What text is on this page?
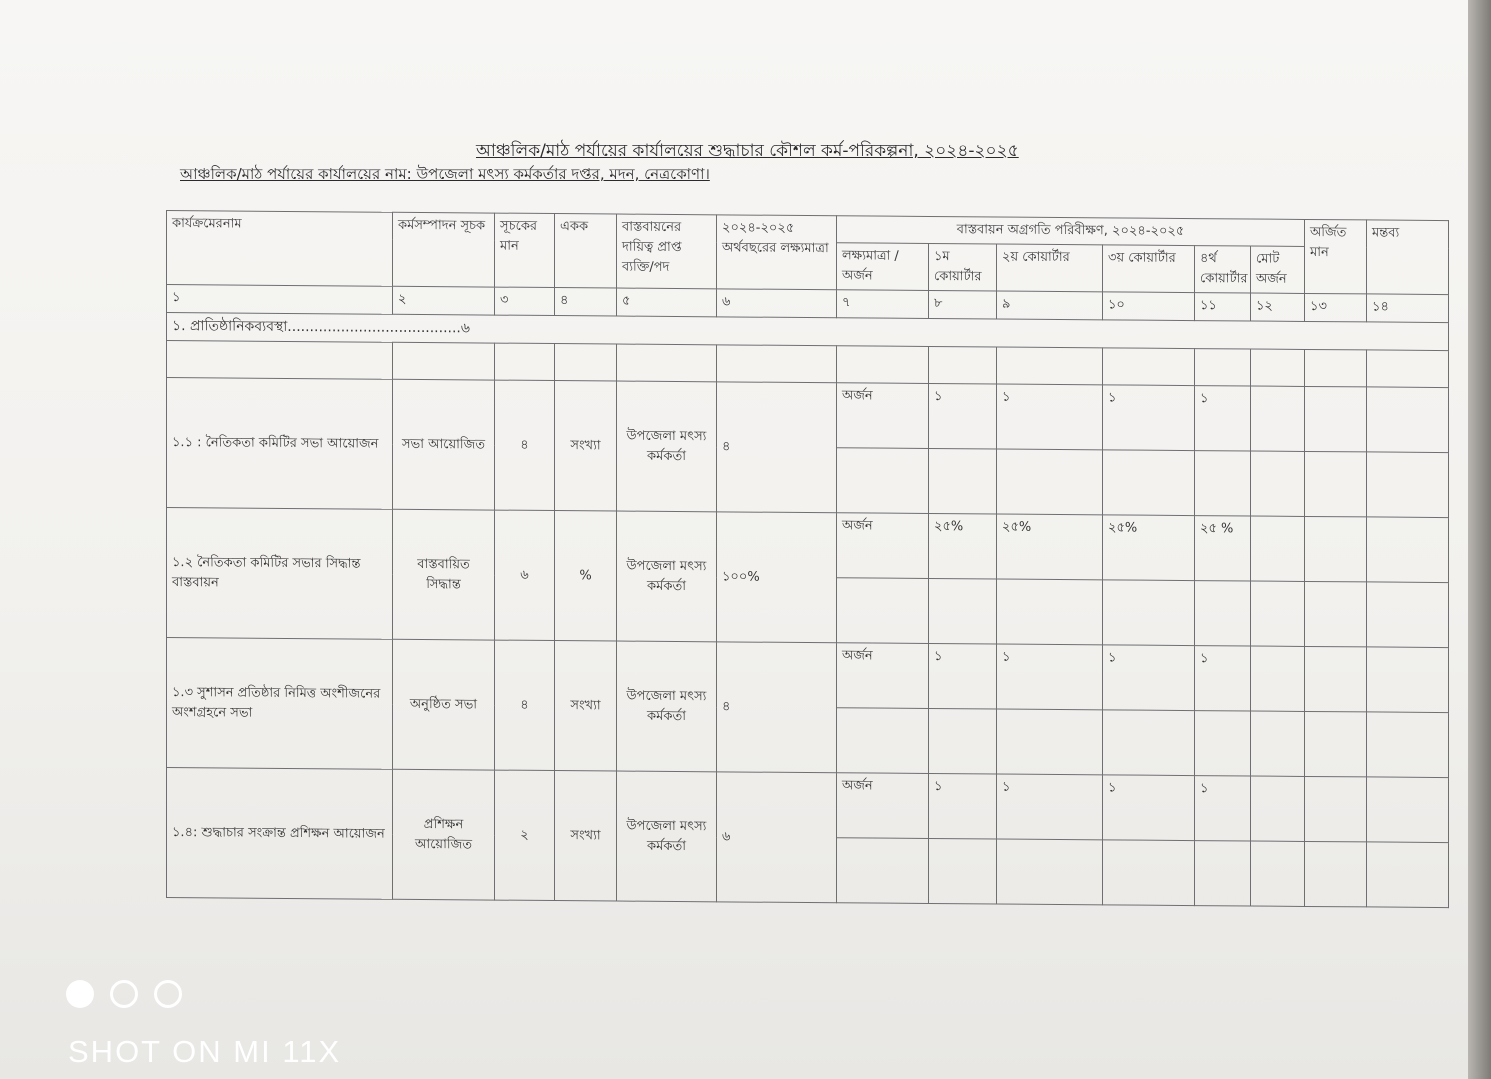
আঞ্চলিক/মাঠ পর্যায়ের কার্যালয়ের শুদ্ধাচার কৌশল কর্ম-পরিকল্পনা, ২০২৪-২০২৫
আঞ্চলিক/মাঠ পর্যায়ের কার্যালয়ের নাম: উপজেলা মৎস্য কর্মকর্তার দপ্তর, মদন, নেত্রকোণা।
কার্যক্রমেরনাম	কর্মসম্পাদন সূচক	সূচকের মান	একক	বাস্তবায়নের দায়িত্ব প্রাপ্ত ব্যক্তি/পদ	২০২৪-২০২৫ অর্থবছরের লক্ষ্যমাত্রা	বাস্তবায়ন অগ্রগতি পরিবীক্ষণ, ২০২৪-২০২৫						অর্জিত মান	মন্তব্য
						লক্ষ্যমাত্রা / অর্জন	১ম কোয়ার্টার	২য় কোয়ার্টার	৩য় কোয়ার্টার	৪র্থ কোয়ার্টার	মোট অর্জন		
১	২	৩	৪	৫	৬	৭	৮	৯	১০	১১	১২	১৩	১৪
১. প্রাতিষ্ঠানিকব্যবস্থা.......................................৬													

১.১ : নৈতিকতা কমিটির সভা আয়োজন	সভা আয়োজিত	৪	সংখ্যা	উপজেলা মৎস্য কর্মকর্তা	৪	অর্জন	১	১	১	১			

১.২ নৈতিকতা কমিটির সভার সিদ্ধান্ত বাস্তবায়ন	বাস্তবায়িত সিদ্ধান্ত	৬	%	উপজেলা মৎস্য কর্মকর্তা	১০০%	অর্জন	২৫%	২৫%	২৫%	২৫ %			

১.৩ সুশাসন প্রতিষ্ঠার নিমিত্ত অংশীজনের অংশগ্রহনে সভা	অনুষ্ঠিত সভা	৪	সংখ্যা	উপজেলা মৎস্য কর্মকর্তা	৪	অর্জন	১	১	১	১			

১.৪: শুদ্ধাচার সংক্রান্ত প্রশিক্ষন আয়োজন	প্রশিক্ষন আয়োজিত	২	সংখ্যা	উপজেলা মৎস্য কর্মকর্তা	৬	অর্জন	১	১	১	১			

SHOT ON MI 11X
